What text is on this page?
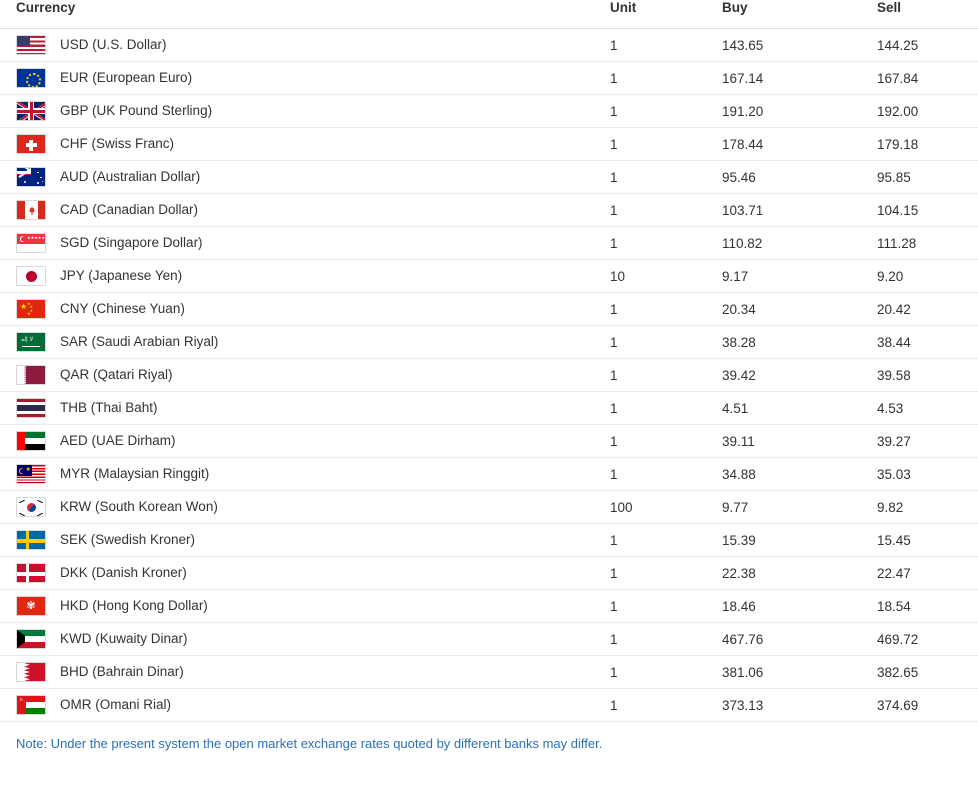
Currency	Unit	Buy	Sell

USD (U.S. Dollar)	1	143.65	144.25

EUR (European Euro)	1	167.14	167.84

GBP (UK Pound Sterling)	1	191.20	192.00

CHF (Swiss Franc)	1	178.44	179.18

AUD (Australian Dollar)	1	95.46	95.85

CAD (Canadian Dollar)	1	103.71	104.15

★★★★★ SGD (Singapore Dollar)	1	110.82	111.28

JPY (Japanese Yen)	10	9.17	9.20

★ ★
★
★
★ CNY (Chinese Yuan)	1	20.34	20.42

لا إله SAR (Saudi Arabian Riyal)	1	38.28	38.44

QAR (Qatari Riyal)	1	39.42	39.58

THB (Thai Baht)	1	4.51	4.53

AED (UAE Dirham)	1	39.11	39.27

★ MYR (Malaysian Ringgit)	1	34.88	35.03

KRW (South Korean Won)	100	9.77	9.82

SEK (Swedish Kroner)	1	15.39	15.45

DKK (Danish Kroner)	1	22.38	22.47

✾ HKD (Hong Kong Dollar)	1	18.46	18.54

KWD (Kuwaity Dinar)	1	467.76	469.72

BHD (Bahrain Dinar)	1	381.06	382.65

⚔ OMR (Omani Rial)	1	373.13	374.69
Note: Under the present system the open market exchange rates quoted by different banks may differ.
